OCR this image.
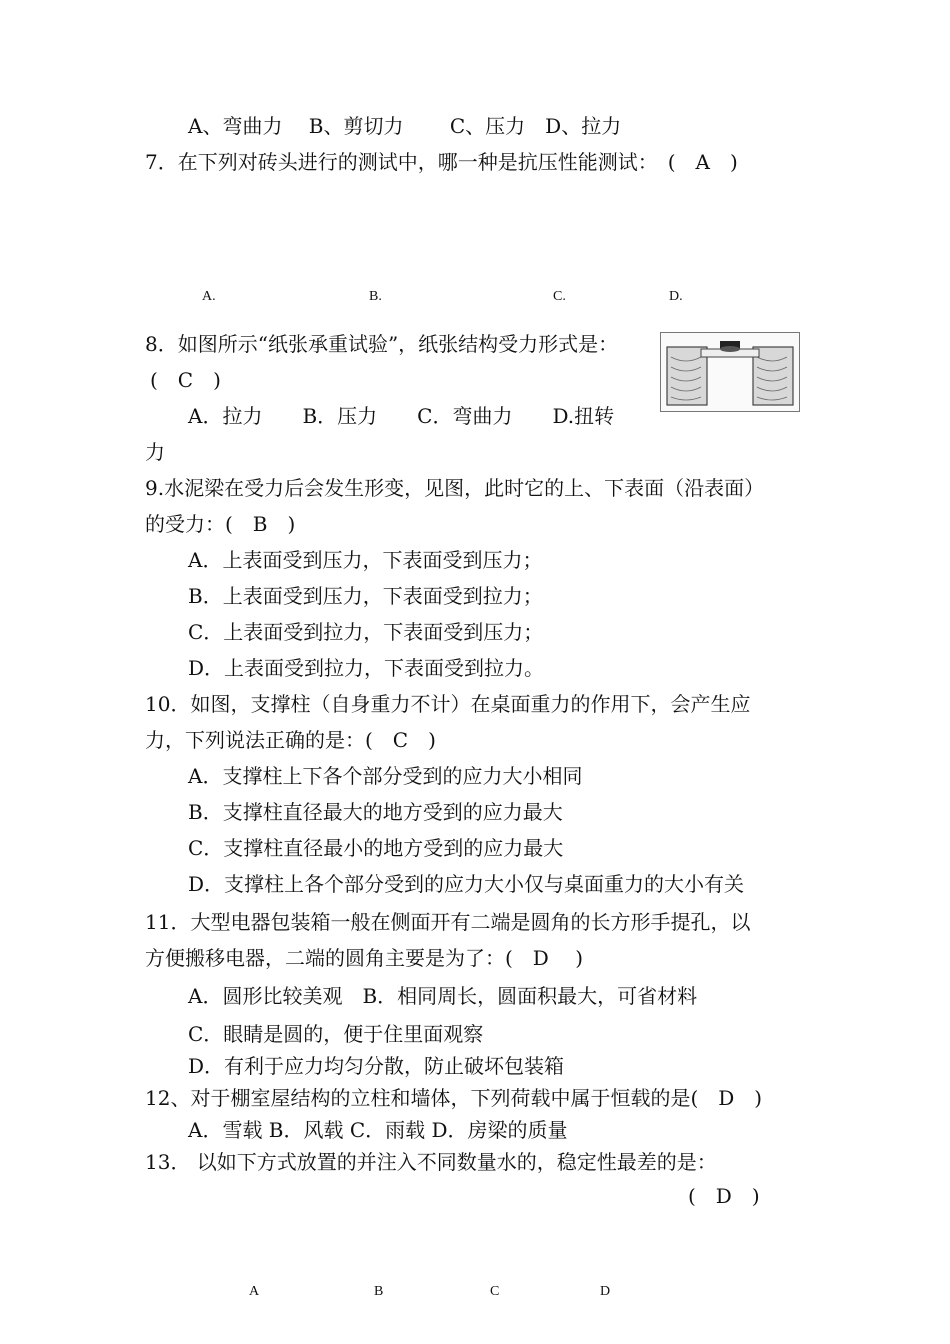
A、弯曲力　 B、剪切力　　 C、压力　D、拉力
7．在下列对砖头进行的测试中，哪一种是抗压性能测试：　(　A　)
A.	B.	C.	D.
8．如图所示“纸张承重试验”，纸张结构受力形式是：
(　C　)
A．拉力　　B．压力　　C．弯曲力　　D.扭转
力
9.水泥梁在受力后会发生形变，见图，此时它的上、下表面（沿表面）
的受力：(　B　)
A．上表面受到压力，下表面受到压力；
B．上表面受到压力，下表面受到拉力；
C．上表面受到拉力，下表面受到压力；
D．上表面受到拉力，下表面受到拉力。
10．如图，支撑柱（自身重力不计）在桌面重力的作用下，会产生应
力，下列说法正确的是：(　C　)
A．支撑柱上下各个部分受到的应力大小相同
B．支撑柱直径最大的地方受到的应力最大
C．支撑柱直径最小的地方受到的应力最大
D．支撑柱上各个部分受到的应力大小仅与桌面重力的大小有关
11．大型电器包装箱一般在侧面开有二端是圆角的长方形手提孔，以
方便搬移电器，二端的圆角主要是为了：(　D　 )
A．圆形比较美观　B．相同周长，圆面积最大，可省材料
C．眼睛是圆的，便于住里面观察
D．有利于应力均匀分散，防止破坏包装箱
12、对于棚室屋结构的立柱和墙体，下列荷载中属于恒载的是(　D　)
A．雪载 B．风载 C．雨载 D．房梁的质量
13． 以如下方式放置的并注入不同数量水的，稳定性最差的是：
(　D　)
A	B	C	D
